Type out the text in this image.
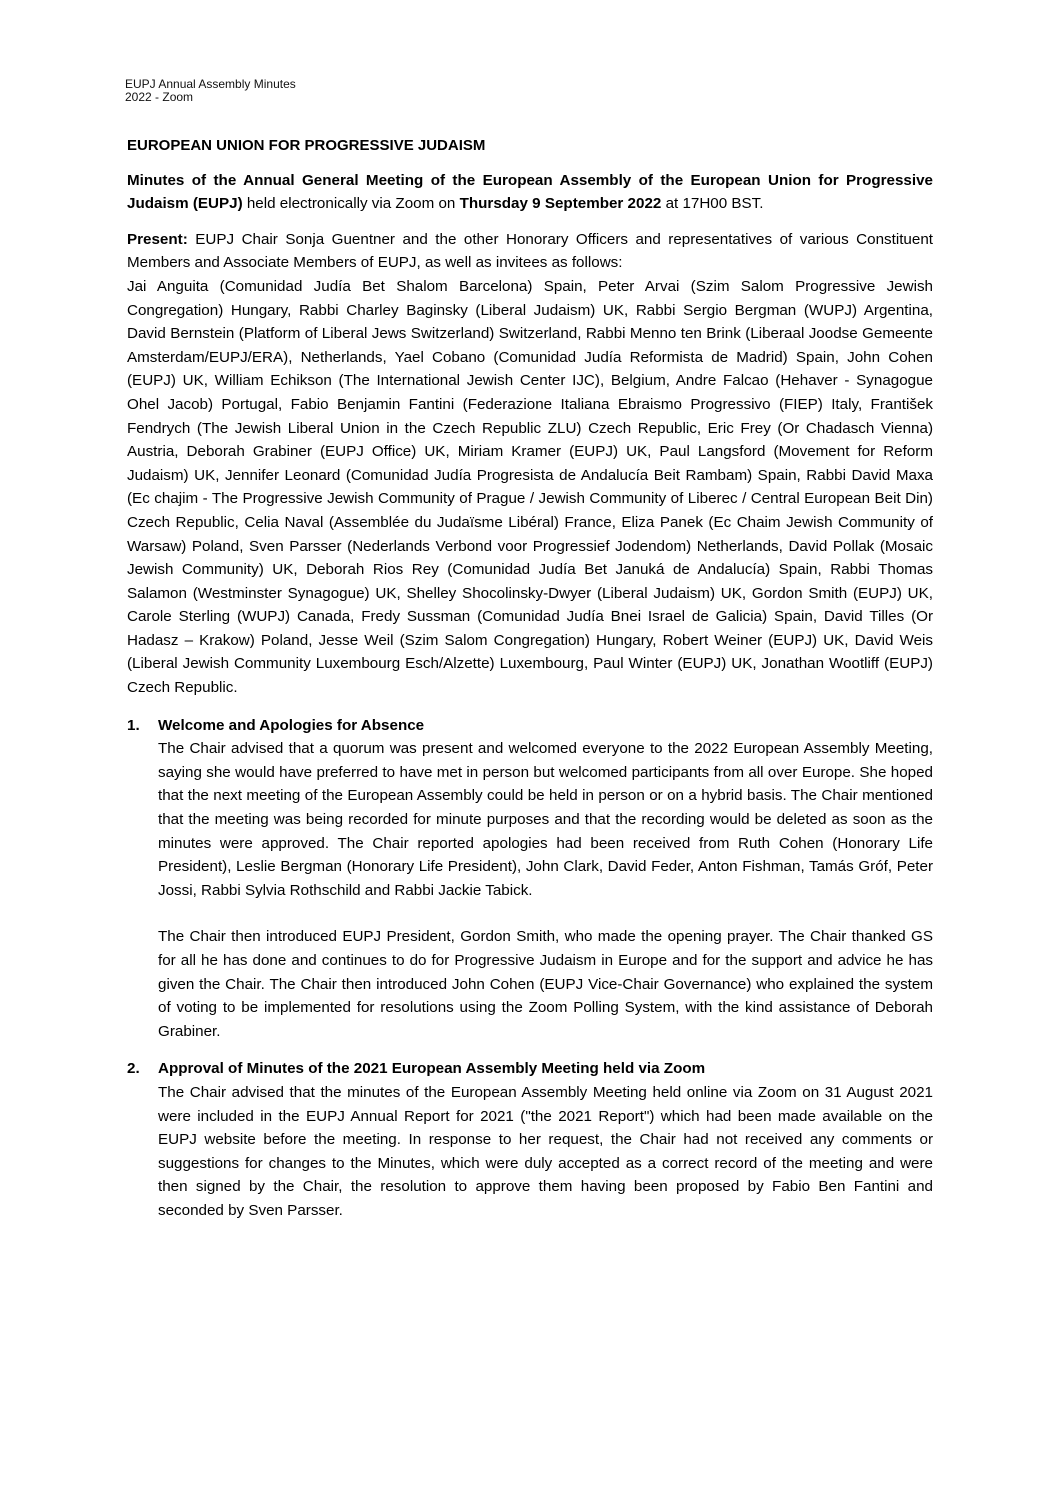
EUPJ Annual Assembly Minutes
2022 - Zoom

EUROPEAN UNION FOR PROGRESSIVE JUDAISM

Minutes of the Annual General Meeting of the European Assembly of the European Union for Progressive Judaism (EUPJ) held electronically via Zoom on Thursday 9 September 2022 at 17H00 BST.

Present: EUPJ Chair Sonja Guentner and the other Honorary Officers and representatives of various Constituent Members and Associate Members of EUPJ, as well as invitees as follows:

Jai Anguita (Comunidad Judía Bet Shalom Barcelona) Spain, Peter Arvai (Szim Salom Progressive Jewish Congregation) Hungary, Rabbi Charley Baginsky (Liberal Judaism) UK, Rabbi Sergio Bergman (WUPJ) Argentina, David Bernstein (Platform of Liberal Jews Switzerland) Switzerland, Rabbi Menno ten Brink (Liberaal Joodse Gemeente Amsterdam/EUPJ/ERA), Netherlands, Yael Cobano (Comunidad Judía Reformista de Madrid) Spain, John Cohen (EUPJ) UK, William Echikson (The International Jewish Center IJC), Belgium, Andre Falcao (Hehaver - Synagogue Ohel Jacob) Portugal, Fabio Benjamin Fantini (Federazione Italiana Ebraismo Progressivo (FIEP) Italy, František Fendrych (The Jewish Liberal Union in the Czech Republic ZLU) Czech Republic, Eric Frey (Or Chadasch Vienna) Austria, Deborah Grabiner (EUPJ Office) UK, Miriam Kramer (EUPJ) UK, Paul Langsford (Movement for Reform Judaism) UK, Jennifer Leonard (Comunidad Judía Progresista de Andalucía Beit Rambam) Spain, Rabbi David Maxa (Ec chajim - The Progressive Jewish Community of Prague / Jewish Community of Liberec / Central European Beit Din) Czech Republic, Celia Naval (Assemblée du Judaïsme Libéral) France, Eliza Panek (Ec Chaim Jewish Community of Warsaw) Poland, Sven Parsser (Nederlands Verbond voor Progressief Jodendom) Netherlands, David Pollak (Mosaic Jewish Community) UK, Deborah Rios Rey (Comunidad Judía Bet Januká de Andalucía) Spain, Rabbi Thomas Salamon (Westminster Synagogue) UK, Shelley Shocolinsky-Dwyer (Liberal Judaism) UK, Gordon Smith (EUPJ) UK, Carole Sterling (WUPJ) Canada, Fredy Sussman (Comunidad Judía Bnei Israel de Galicia) Spain, David Tilles (Or Hadasz – Krakow) Poland, Jesse Weil (Szim Salom Congregation) Hungary, Robert Weiner (EUPJ) UK, David Weis (Liberal Jewish Community Luxembourg Esch/Alzette) Luxembourg, Paul Winter (EUPJ) UK, Jonathan Wootliff (EUPJ) Czech Republic.

1. Welcome and Apologies for Absence

The Chair advised that a quorum was present and welcomed everyone to the 2022 European Assembly Meeting, saying she would have preferred to have met in person but welcomed participants from all over Europe. She hoped that the next meeting of the European Assembly could be held in person or on a hybrid basis. The Chair mentioned that the meeting was being recorded for minute purposes and that the recording would be deleted as soon as the minutes were approved. The Chair reported apologies had been received from Ruth Cohen (Honorary Life President), Leslie Bergman (Honorary Life President), John Clark, David Feder, Anton Fishman, Tamás Gróf, Peter Jossi, Rabbi Sylvia Rothschild and Rabbi Jackie Tabick.

The Chair then introduced EUPJ President, Gordon Smith, who made the opening prayer. The Chair thanked GS for all he has done and continues to do for Progressive Judaism in Europe and for the support and advice he has given the Chair. The Chair then introduced John Cohen (EUPJ Vice-Chair Governance) who explained the system of voting to be implemented for resolutions using the Zoom Polling System, with the kind assistance of Deborah Grabiner.

2. Approval of Minutes of the 2021 European Assembly Meeting held via Zoom

The Chair advised that the minutes of the European Assembly Meeting held online via Zoom on 31 August 2021 were included in the EUPJ Annual Report for 2021 ("the 2021 Report") which had been made available on the EUPJ website before the meeting. In response to her request, the Chair had not received any comments or suggestions for changes to the Minutes, which were duly accepted as a correct record of the meeting and were then signed by the Chair, the resolution to approve them having been proposed by Fabio Ben Fantini and seconded by Sven Parsser.
